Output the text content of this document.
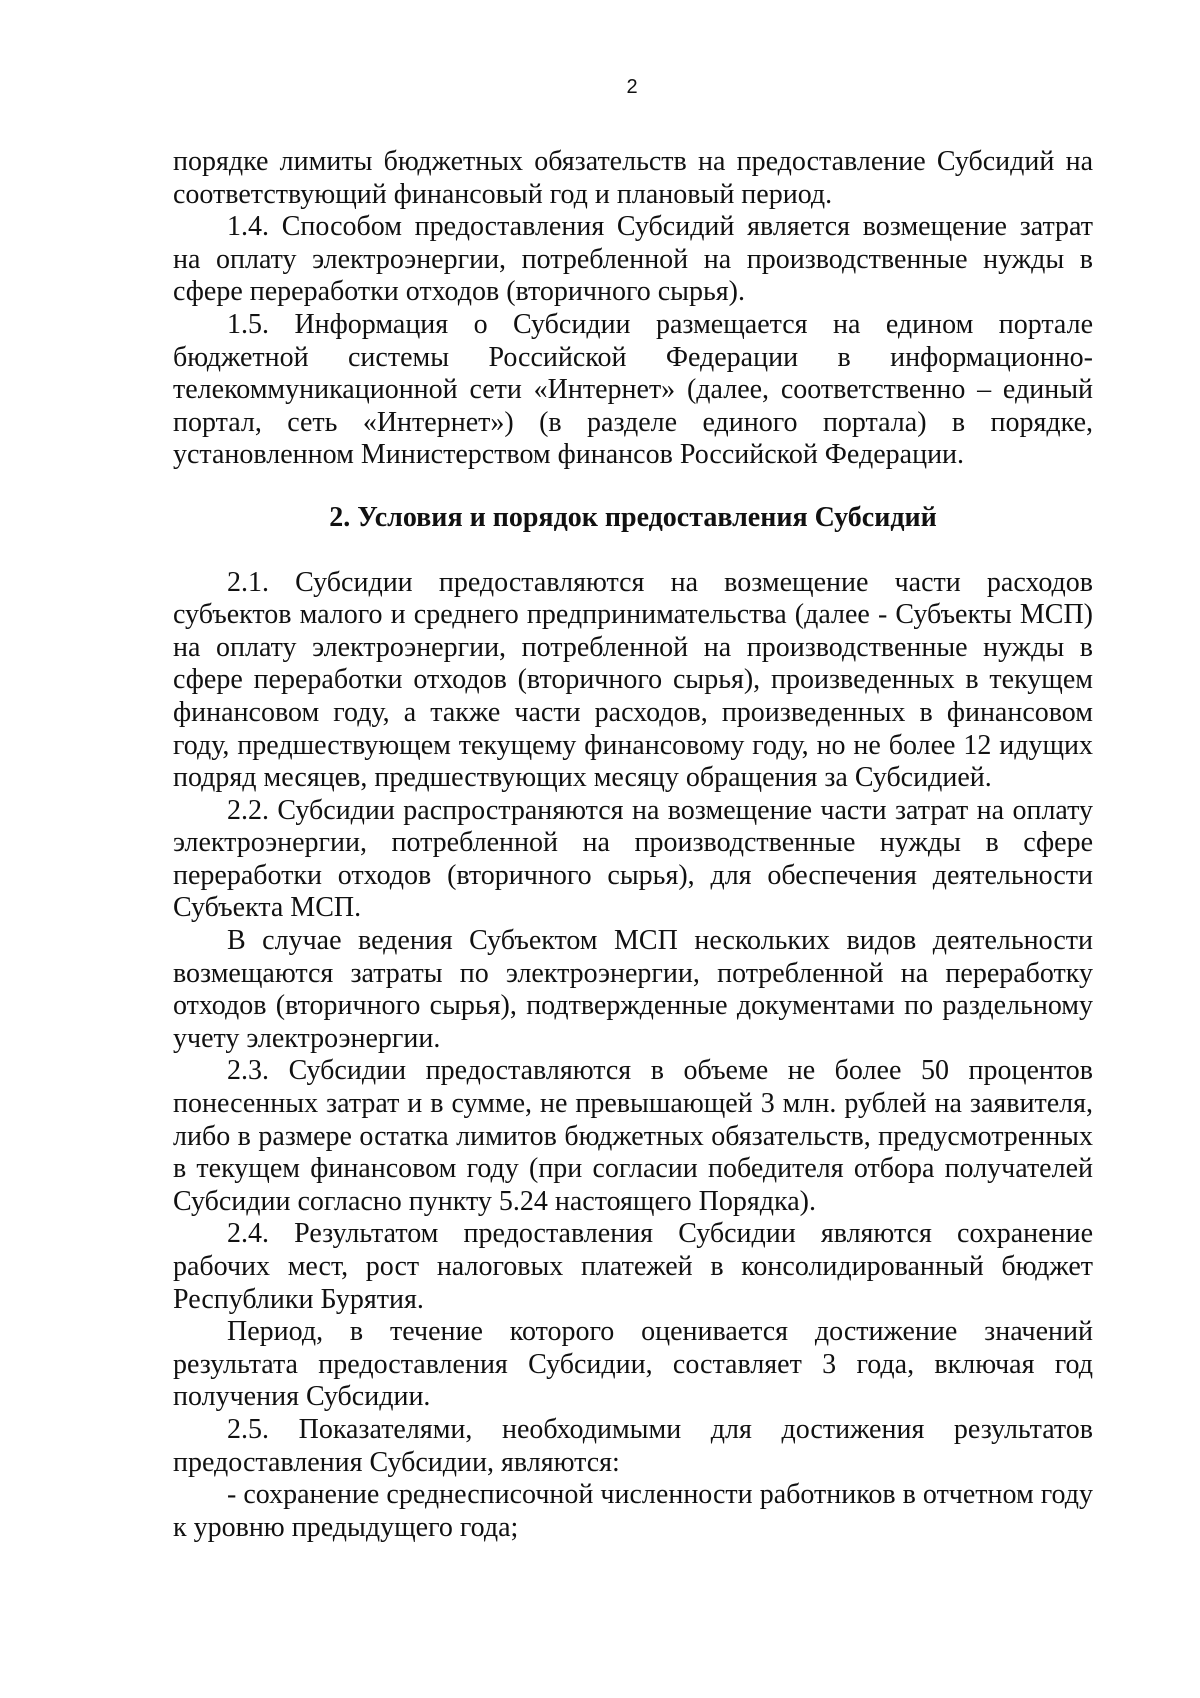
2

порядке лимиты бюджетных обязательств на предоставление Субсидий на соответствующий финансовый год и плановый период.

1.4. Способом предоставления Субсидий является возмещение затрат на оплату электроэнергии, потребленной на производственные нужды в сфере переработки отходов (вторичного сырья).

1.5. Информация о Субсидии размещается на едином портале бюджетной системы Российской Федерации в информационно-телекоммуникационной сети «Интернет» (далее, соответственно – единый портал, сеть «Интернет») (в разделе единого портала) в порядке, установленном Министерством финансов Российской Федерации.

2. Условия и порядок предоставления Субсидий

2.1. Субсидии предоставляются на возмещение части расходов субъектов малого и среднего предпринимательства (далее - Субъекты МСП) на оплату электроэнергии, потребленной на производственные нужды в сфере переработки отходов (вторичного сырья), произведенных в текущем финансовом году, а также части расходов, произведенных в финансовом году, предшествующем текущему финансовому году, но не более 12 идущих подряд месяцев, предшествующих месяцу обращения за Субсидией.

2.2. Субсидии распространяются на возмещение части затрат на оплату электроэнергии, потребленной на производственные нужды в сфере переработки отходов (вторичного сырья), для обеспечения деятельности Субъекта МСП.

В случае ведения Субъектом МСП нескольких видов деятельности возмещаются затраты по электроэнергии, потребленной на переработку отходов (вторичного сырья), подтвержденные документами по раздельному учету электроэнергии.

2.3. Субсидии предоставляются в объеме не более 50 процентов понесенных затрат и в сумме, не превышающей 3 млн. рублей на заявителя, либо в размере остатка лимитов бюджетных обязательств, предусмотренных в текущем финансовом году (при согласии победителя отбора получателей Субсидии согласно пункту 5.24 настоящего Порядка).

2.4. Результатом предоставления Субсидии являются сохранение рабочих мест, рост налоговых платежей в консолидированный бюджет Республики Бурятия.

Период, в течение которого оценивается достижение значений результата предоставления Субсидии, составляет 3 года, включая год получения Субсидии.

2.5. Показателями, необходимыми для достижения результатов предоставления Субсидии, являются:

- сохранение среднесписочной численности работников в отчетном году к уровню предыдущего года;
